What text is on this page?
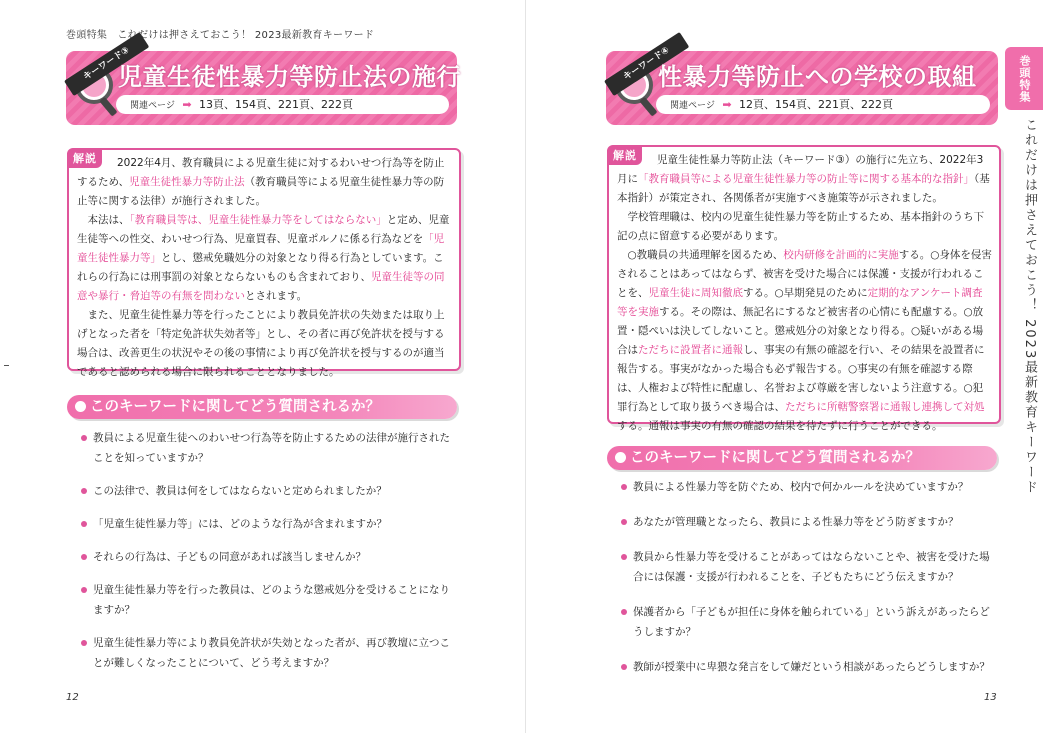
巻頭特集　これだけは押さえておこう！ 2023最新教育キーワード
キーワード③
児童生徒性暴力等防止法の施行
関連ページ ➡ 13頁、154頁、221頁、222頁
解説	2022年4月、教育職員による児童生徒に対するわいせつ行為等を防止するため、児童生徒性暴力等防止法（教育職員等による児童生徒性暴力等の防止等に関する法律）が施行されました。

　本法は、「教育職員等は、児童生徒性暴力等をしてはならない」と定め、児童生徒等への性交、わいせつ行為、児童買春、児童ポルノに係る行為などを「児童生徒性暴力等」とし、懲戒免職処分の対象となり得る行為としています。これらの行為には刑事罰の対象とならないものも含まれており、児童生徒等の同意や暴行・脅迫等の有無を問わないとされます。

　また、児童生徒性暴力等を行ったことにより教員免許状の失効または取り上げとなった者を「特定免許状失効者等」とし、その者に再び免許状を授与する場合は、改善更生の状況やその後の事情により再び免許状を授与するのが適当であると認められる場合に限られることとなりました。

このキーワードに関してどう質問されるか？
教員による児童生徒へのわいせつ行為等を防止するための法律が施行されたことを知っていますか？
この法律で、教員は何をしてはならないと定められましたか？
「児童生徒性暴力等」には、どのような行為が含まれますか？
それらの行為は、子どもの同意があれば該当しませんか？
児童生徒性暴力等を行った教員は、どのような懲戒処分を受けることになりますか？
児童生徒性暴力等により教員免許状が失効となった者が、再び教壇に立つことが難しくなったことについて、どう考えますか？
12
キーワード④
性暴力等防止への学校の取組
関連ページ ➡ 12頁、154頁、221頁、222頁
解説	児童生徒性暴力等防止法（キーワード③）の施行に先立ち、2022年3月に「教育職員等による児童生徒性暴力等の防止等に関する基本的な指針」（基本指針）が策定され、各関係者が実施すべき施策等が示されました。

　学校管理職は、校内の児童生徒性暴力等を防止するため、基本指針のうち下記の点に留意する必要があります。

　○教職員の共通理解を図るため、校内研修を計画的に実施する。○身体を侵害されることはあってはならず、被害を受けた場合には保護・支援が行われることを、児童生徒に周知徹底する。○早期発見のために定期的なアンケート調査等を実施する。その際は、無記名にするなど被害者の心情にも配慮する。○放置・隠ぺいは決してしないこと。懲戒処分の対象となり得る。○疑いがある場合はただちに設置者に通報し、事実の有無の確認を行い、その結果を設置者に報告する。事実がなかった場合も必ず報告する。○事実の有無を確認する際は、人権および特性に配慮し、名誉および尊厳を害しないよう注意する。○犯罪行為として取り扱うべき場合は、ただちに所轄警察署に通報し連携して対処する。通報は事実の有無の確認の結果を待たずに行うことができる。

このキーワードに関してどう質問されるか？
教員による性暴力等を防ぐため、校内で何かルールを決めていますか？
あなたが管理職となったら、教員による性暴力等をどう防ぎますか？
教員から性暴力等を受けることがあってはならないことや、被害を受けた場合には保護・支援が行われることを、子どもたちにどう伝えますか？
保護者から「子どもが担任に身体を触られている」という訴えがあったらどうしますか？
教師が授業中に卑猥な発言をして嫌だという相談があったらどうしますか？
13
巻頭特集
これだけは押さえておこう！ 2023最新教育キーワード
